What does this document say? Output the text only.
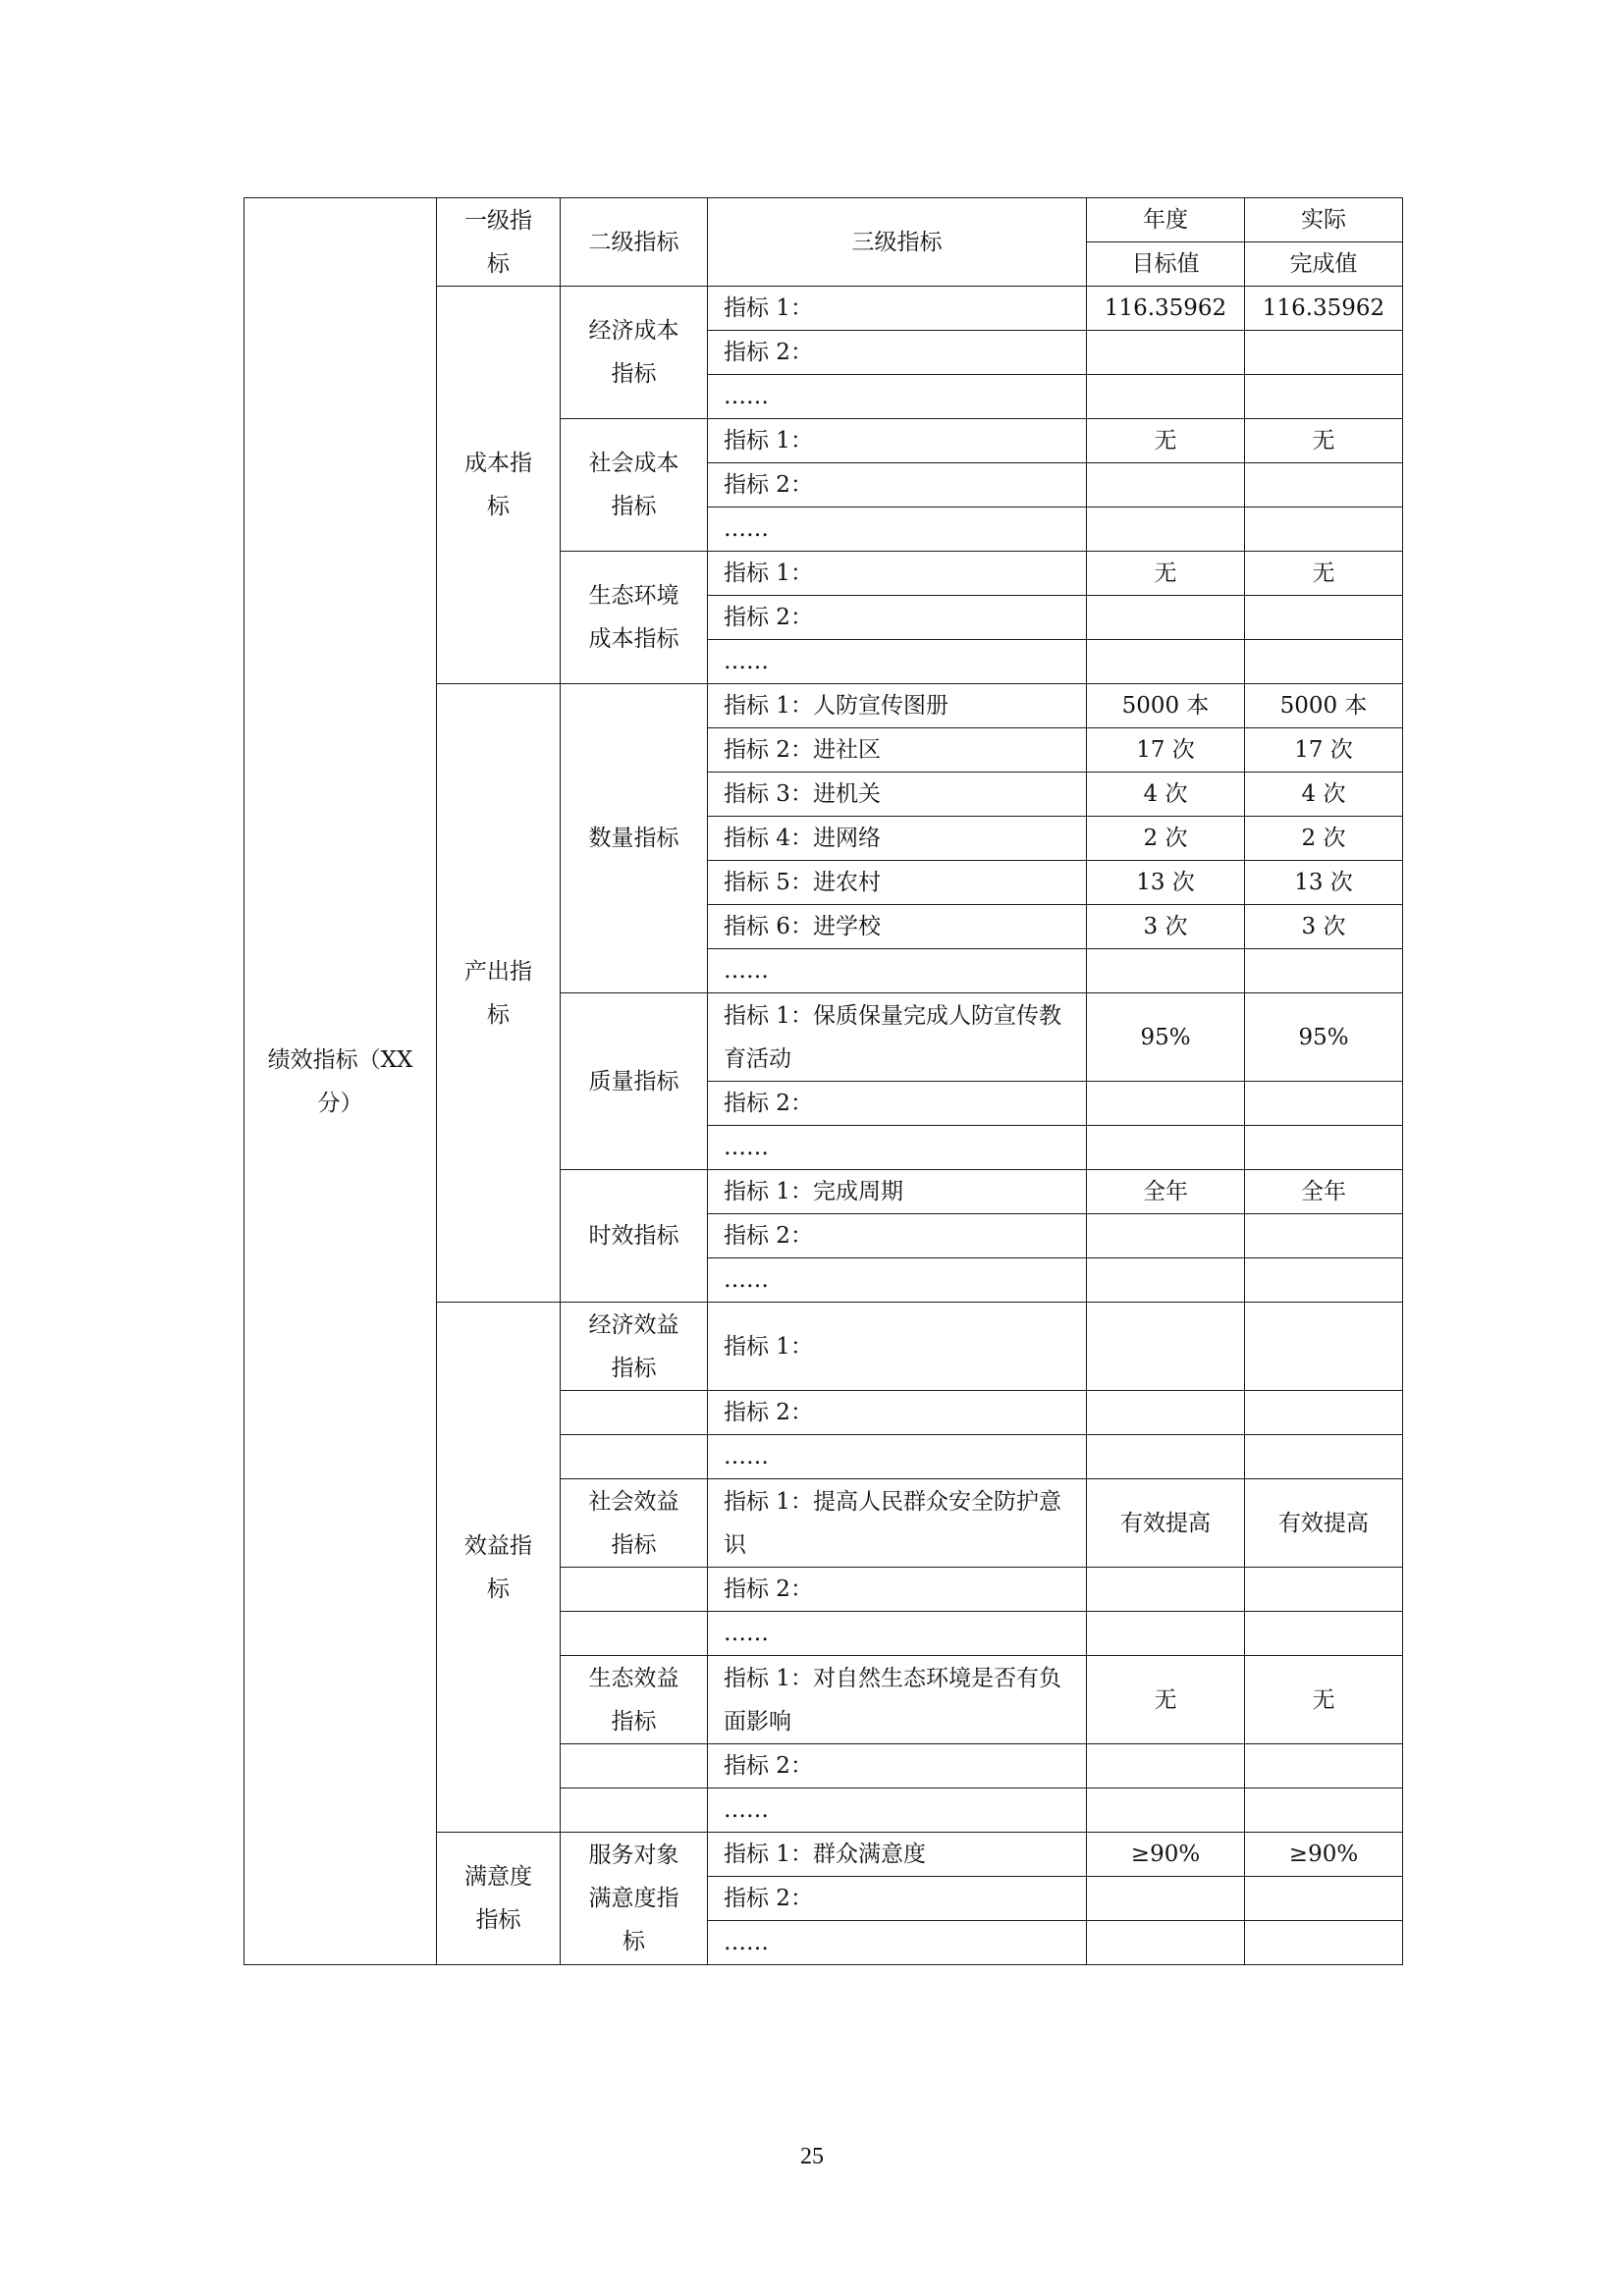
绩效指标（XX分）	一级指标	二级指标	三级指标	年度	实际
				目标值	完成值
	成本指标	经济成本指标	指标 1：	116.35962	116.35962
			指标 2：		
			……		
		社会成本指标	指标 1：	无	无
			指标 2：		
			……		
		生态环境成本指标	指标 1：	无	无
			指标 2：		
			……		
	产出指标	数量指标	指标 1：人防宣传图册	5000 本	5000 本
			指标 2：进社区	17 次	17 次
			指标 3：进机关	4 次	4 次
			指标 4：进网络	2 次	2 次
			指标 5：进农村	13 次	13 次
			指标 6：进学校	3 次	3 次
			……		
		质量指标	指标 1：保质保量完成人防宣传教育活动	95%	95%
			指标 2：		
			……		
		时效指标	指标 1：完成周期	全年	全年
			指标 2：		
			……		
	效益指标	经济效益指标	指标 1：		
			指标 2：		
			……		
		社会效益指标	指标 1：提高人民群众安全防护意识	有效提高	有效提高
			指标 2：		
			……		
		生态效益指标	指标 1：对自然生态环境是否有负面影响	无	无
			指标 2：		
			……		
	满意度指标	服务对象满意度指标	指标 1：群众满意度	≥90%	≥90%
			指标 2：		
			……		
25
